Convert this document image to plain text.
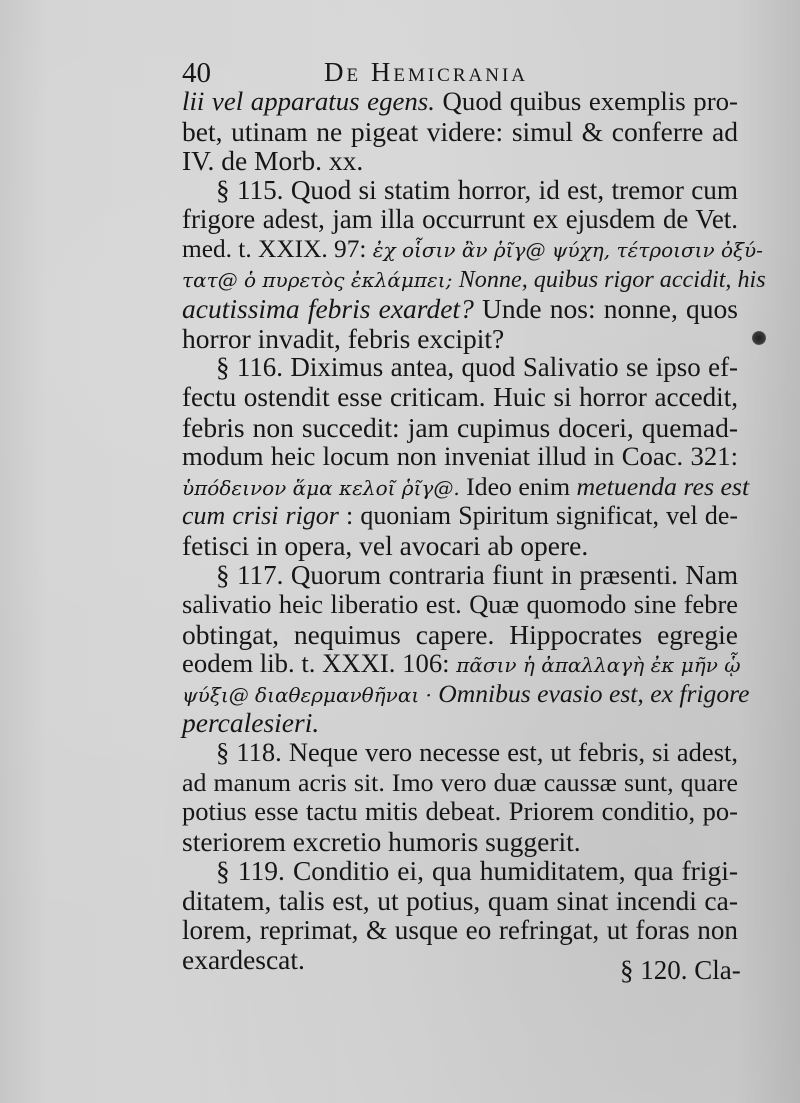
40	De Hemicrania
lii vel apparatus egens. Quod quibus exemplis pro-
bet, utinam ne pigeat videre: simul & conferre ad
IV. de Morb. xx.
§ 115. Quod si statim horror, id est, tremor cum
frigore adest, jam illa occurrunt ex ejusdem de Vet.
med. t. XXIX. 97: ἐχ οἷσιν ἂν ῥῖγ@ ψύχη, τέτροισιν ὀξύ-
τατ@ ὁ πυρετὸς ἐκλάμπει; Nonne, quibus rigor accidit, his
acutissima febris exardet? Unde nos: nonne, quos
horror invadit, febris excipit?
§ 116. Diximus antea, quod Salivatio se ipso ef-
fectu ostendit esse criticam. Huic si horror accedit,
febris non succedit: jam cupimus doceri, quemad-
modum heic locum non inveniat illud in Coac. 321:
ὑπόδεινον ἅμα κελοῖ ῥῖγ@. Ideo enim metuenda res est
cum crisi rigor : quoniam Spiritum significat, vel de-
fetisci in opera, vel avocari ab opere.
§ 117. Quorum contraria fiunt in præsenti. Nam
salivatio heic liberatio est. Quæ quomodo sine febre
obtingat, nequimus capere. Hippocrates egregie
eodem lib. t. XXXI. 106: πᾶσιν ἡ ἀπαλλαγὴ ἐκ μῆν ᾧ
ψύξι@ διαθερμανθῆναι · Omnibus evasio est, ex frigore
percalesieri.
§ 118. Neque vero necesse est, ut febris, si adest,
ad manum acris sit. Imo vero duæ caussæ sunt, quare
potius esse tactu mitis debeat. Priorem conditio, po-
steriorem excretio humoris suggerit.
§ 119. Conditio ei, qua humiditatem, qua frigi-
ditatem, talis est, ut potius, quam sinat incendi ca-
lorem, reprimat, & usque eo refringat, ut foras non
exardescat.	§ 120. Cla-
